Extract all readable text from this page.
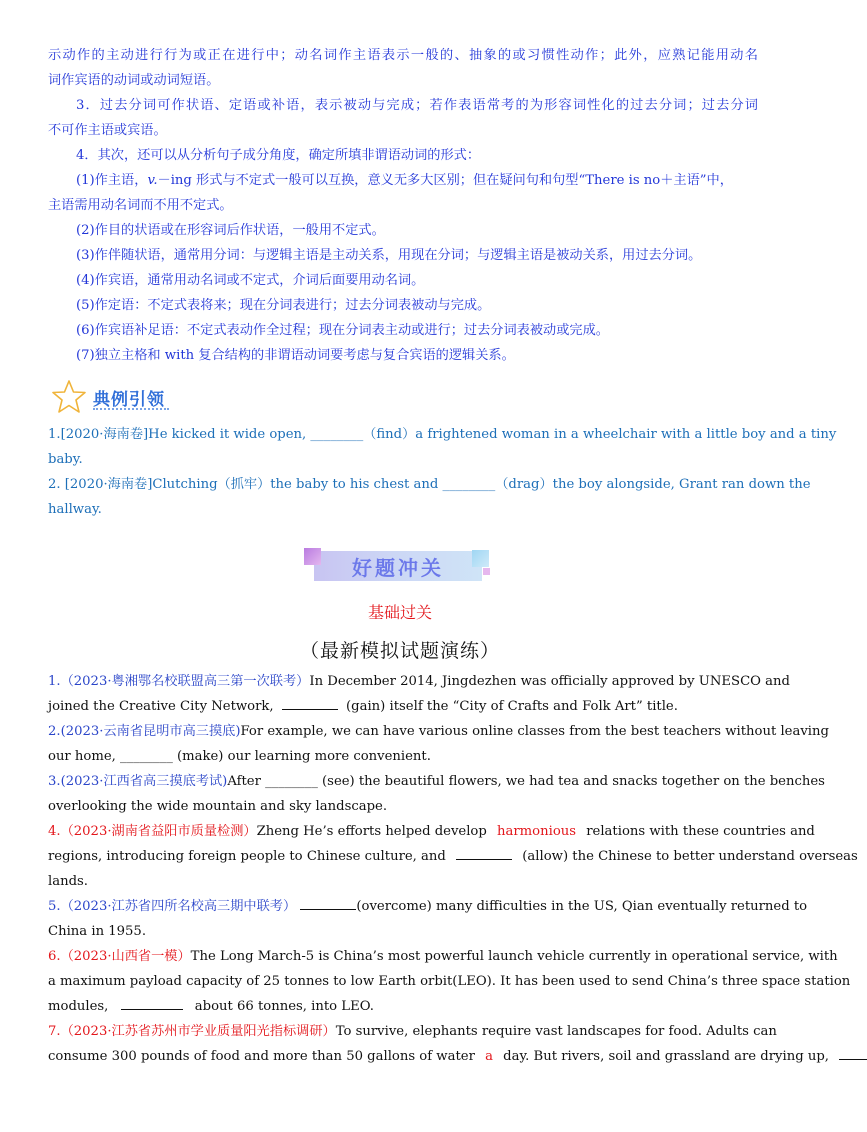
示动作的主动进行行为或正在进行中；动名词作主语表示一般的、抽象的或习惯性动作；此外，应熟记能用动名
词作宾语的动词或动词短语。
3．过去分词可作状语、定语或补语，表示被动与完成；若作表语常考的为形容词性化的过去分词；过去分词
不可作主语或宾语。
4．其次，还可以从分析句子成分角度，确定所填非谓语动词的形式：
(1)作主语，v.－ing 形式与不定式一般可以互换，意义无多大区别；但在疑问句和句型“There is no＋主语”中，
主语需用动名词而不用不定式。
(2)作目的状语或在形容词后作状语，一般用不定式。
(3)作伴随状语，通常用分词：与逻辑主语是主动关系，用现在分词；与逻辑主语是被动关系，用过去分词。
(4)作宾语，通常用动名词或不定式，介词后面要用动名词。
(5)作定语：不定式表将来；现在分词表进行；过去分词表被动与完成。
(6)作宾语补足语：不定式表动作全过程；现在分词表主动或进行；过去分词表被动或完成。
(7)独立主格和 with 复合结构的非谓语动词要考虑与复合宾语的逻辑关系。
典例引领
1.[2020·海南卷]He kicked it wide open, ________（find）a frightened woman in a wheelchair with a little boy and a tiny
baby.
2. [2020·海南卷]Clutching（抓牢）the baby to his chest and ________（drag）the boy alongside, Grant ran down the
hallway.
好题冲关
基础过关
（最新模拟试题演练）
1.（2023·粤湘鄂名校联盟高三第一次联考）In December 2014, Jingdezhen was officially approved by UNESCO and
joined the Creative City Network,	(gain) itself the “City of Crafts and Folk Art” title.
2.(2023·云南省昆明市高三摸底)For example, we can have various online classes from the best teachers without leaving
our home, ________ (make) our learning more convenient.
3.(2023·江西省高三摸底考试)After ________ (see) the beautiful flowers, we had tea and snacks together on the benches
overlooking the wide mountain and sky landscape.
4.（2023·湖南省益阳市质量检测）Zheng He’s efforts helped develop harmonious relations with these countries and
regions, introducing foreign people to Chinese culture, and	(allow) the Chinese to better understand overseas
lands.
5.（2023·江苏省四所名校高三期中联考）	(overcome) many difficulties in the US, Qian eventually returned to
China in 1955.
6.（2023·山西省一模）The Long March-5 is China’s most powerful launch vehicle currently in operational service, with
a maximum payload capacity of 25 tonnes to low Earth orbit(LEO). It has been used to send China’s three space station
modules,	about 66 tonnes, into LEO.
7.（2023·江苏省苏州市学业质量阳光指标调研）To survive, elephants require vast landscapes for food. Adults can
consume 300 pounds of food and more than 50 gallons of water a day. But rivers, soil and grassland are drying up,
